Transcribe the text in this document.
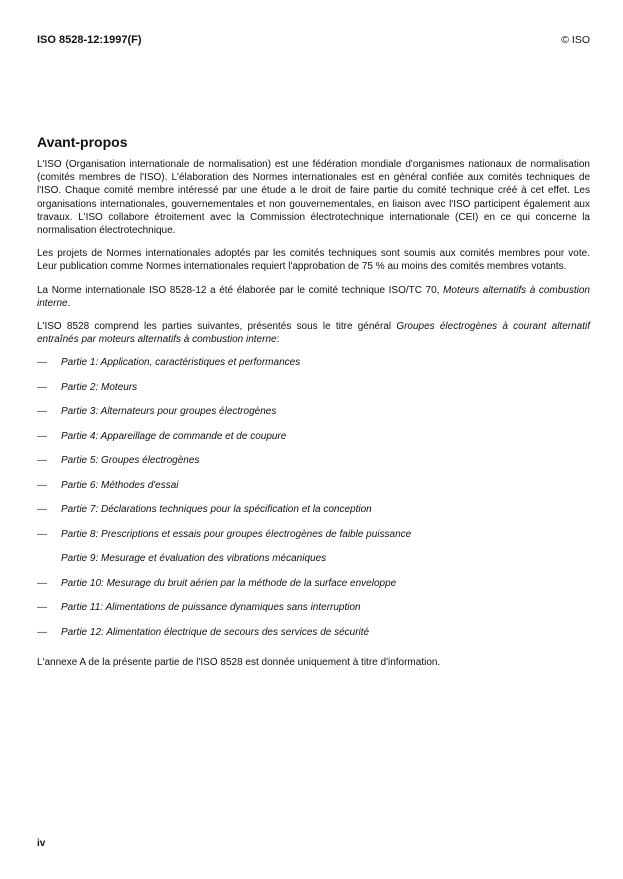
ISO 8528-12:1997(F)	© ISO
Avant-propos

L'ISO (Organisation internationale de normalisation) est une fédération mondiale d'organismes nationaux de normalisation (comités membres de l'ISO). L'élaboration des Normes internationales est en général confiée aux comités techniques de l'ISO. Chaque comité membre intéressé par une étude a le droit de faire partie du comité technique créé à cet effet. Les organisations internationales, gouvernementales et non gouvernementales, en liaison avec l'ISO participent également aux travaux. L'ISO collabore étroitement avec la Commission électrotechnique internationale (CEI) en ce qui concerne la normalisation électrotechnique.

Les projets de Normes internationales adoptés par les comités techniques sont soumis aux comités membres pour vote. Leur publication comme Normes internationales requiert l'approbation de 75 % au moins des comités membres votants.

La Norme internationale ISO 8528-12 a été élaborée par le comité technique ISO/TC 70, Moteurs alternatifs à combustion interne.

L'ISO 8528 comprend les parties suivantes, présentés sous le titre général Groupes électrogènes à courant alternatif entraînés par moteurs alternatifs à combustion interne:

—	Partie 1: Application, caractéristiques et performances
—	Partie 2: Moteurs
—	Partie 3: Alternateurs pour groupes électrogènes
—	Partie 4: Appareillage de commande et de coupure
—	Partie 5: Groupes électrogènes
—	Partie 6: Méthodes d'essai
—	Partie 7: Déclarations techniques pour la spécification et la conception
—	Partie 8: Prescriptions et essais pour groupes électrogènes de faible puissance
Partie 9: Mesurage et évaluation des vibrations mécaniques
—	Partie 10: Mesurage du bruit aérien par la méthode de la surface enveloppe
—	Partie 11: Alimentations de puissance dynamiques sans interruption
—	Partie 12: Alimentation électrique de secours des services de sécurité

L'annexe A de la présente partie de l'ISO 8528 est donnée uniquement à titre d'information.

iv
